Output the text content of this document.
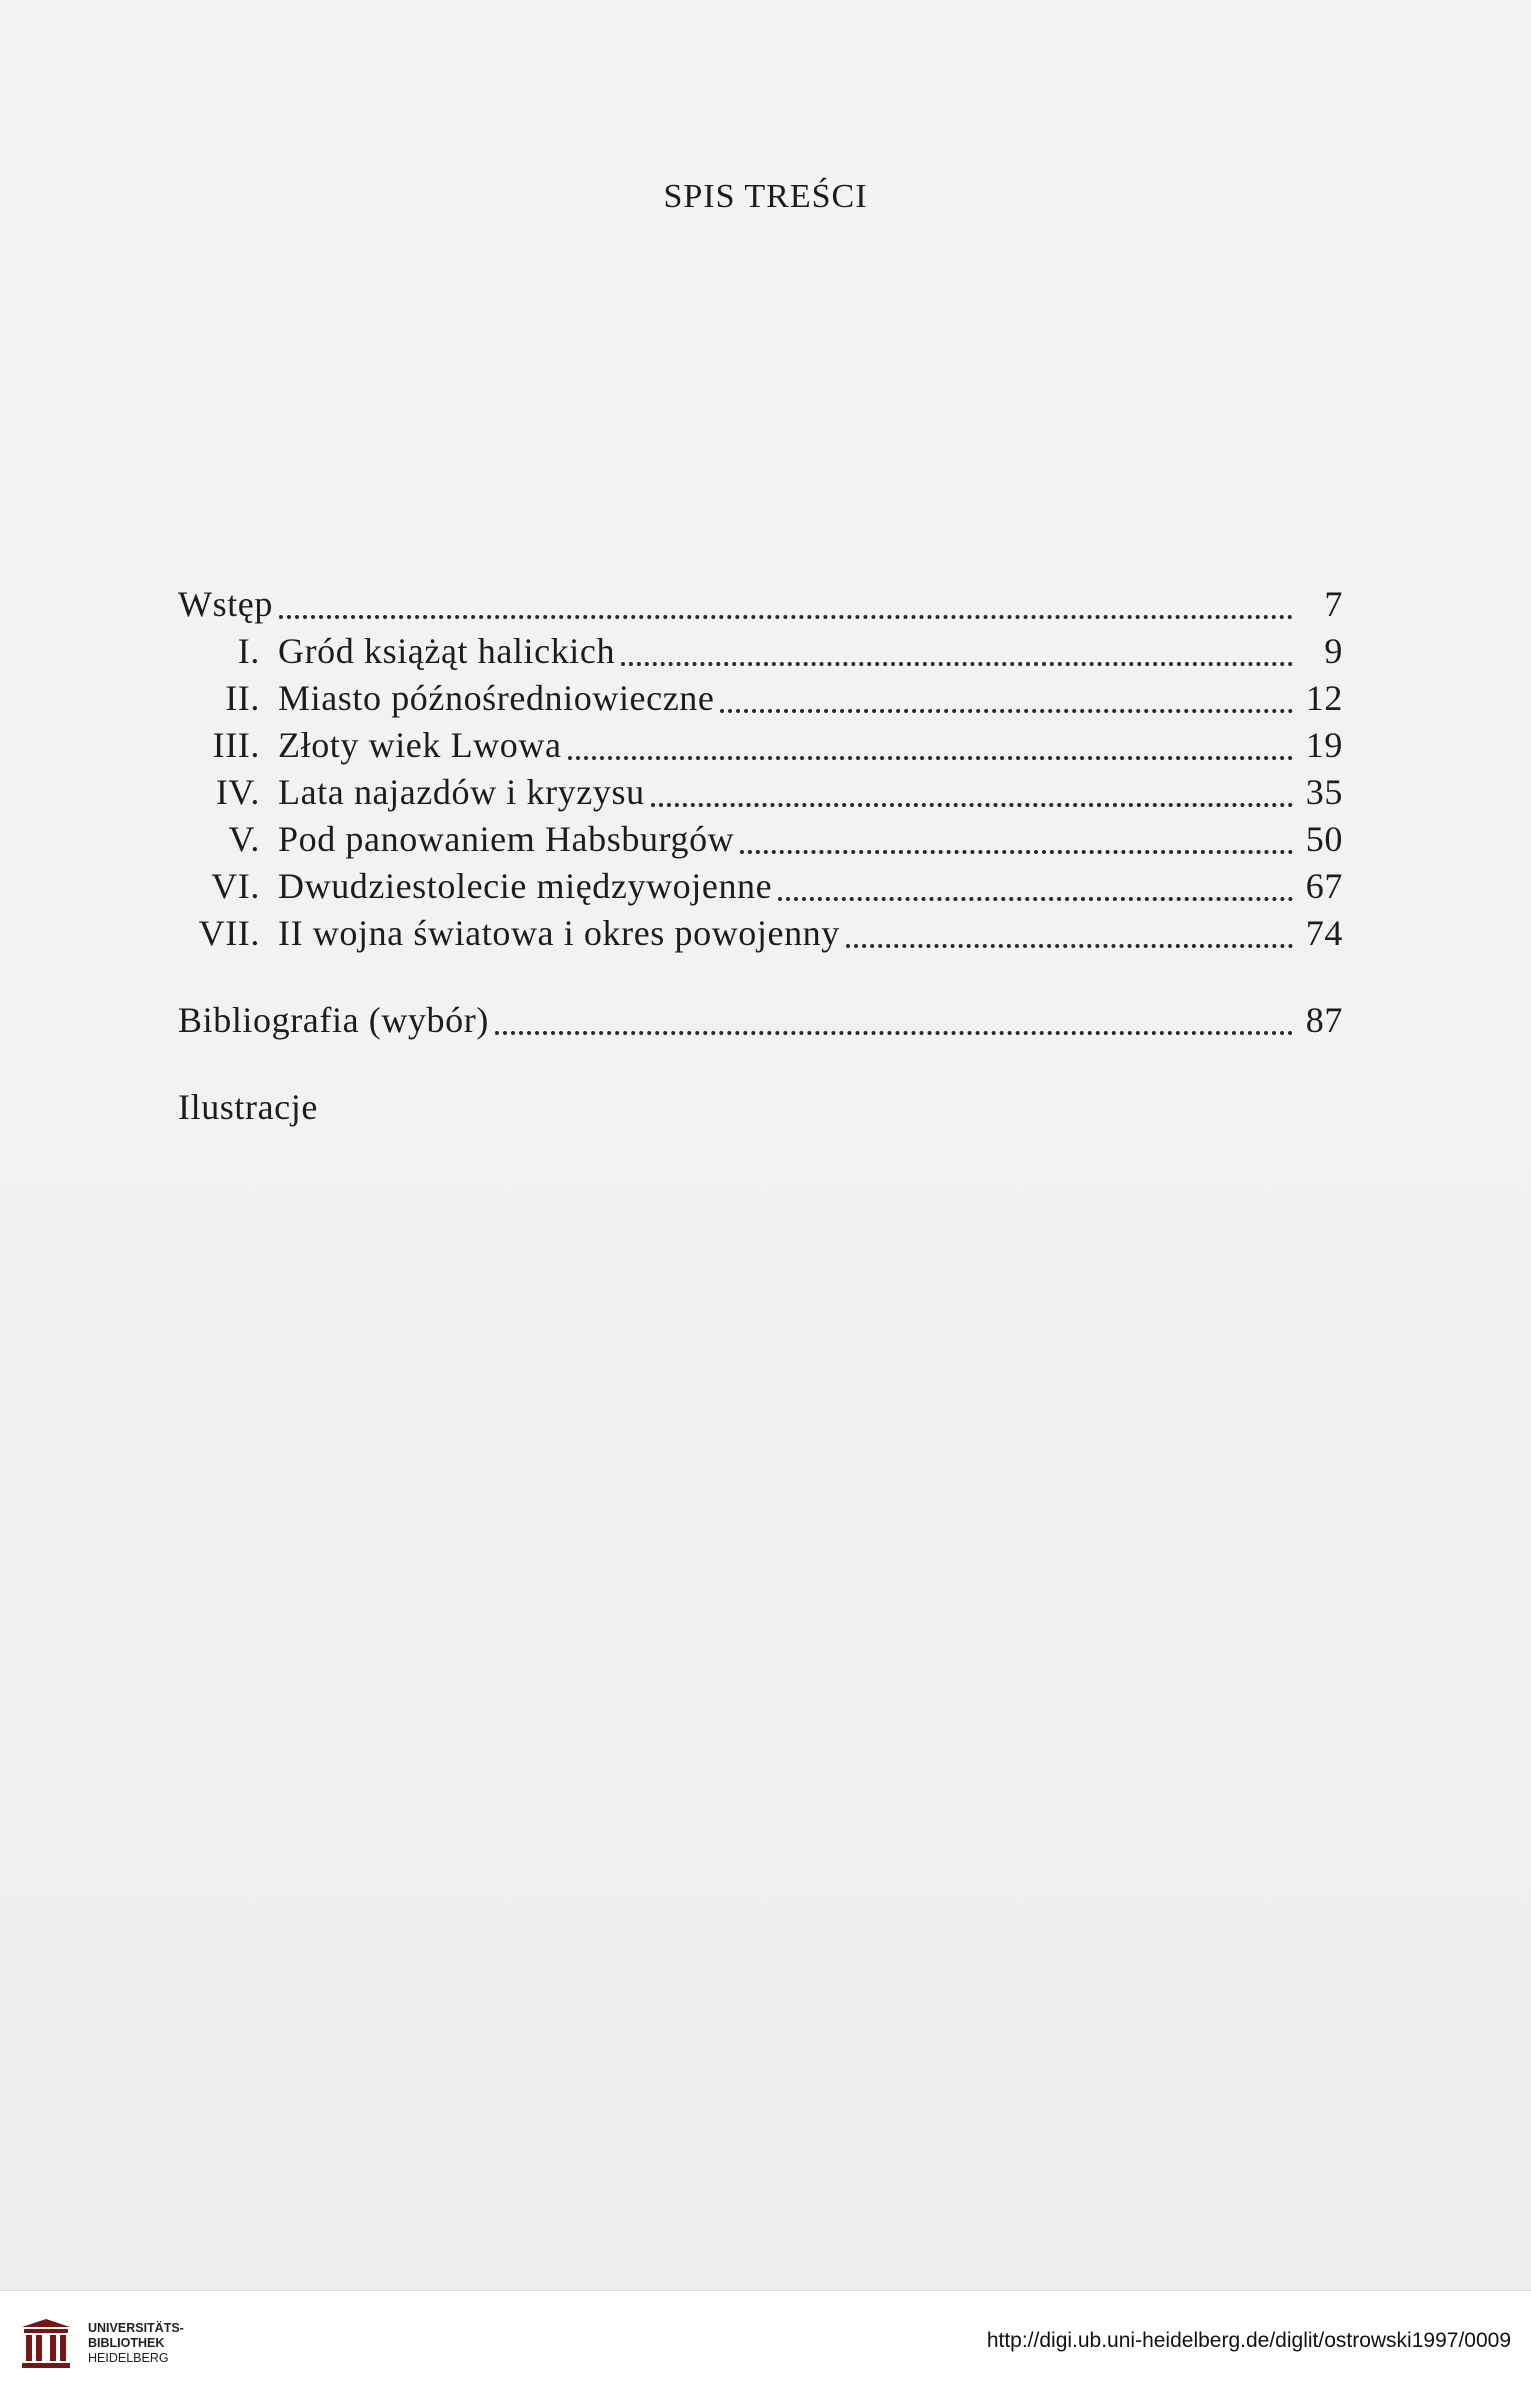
SPIS TREŚCI
Wstęp	7
I. Gród książąt halickich	9
II. Miasto późnośredniowieczne	12
III. Złoty wiek Lwowa	19
IV. Lata najazdów i kryzysu	35
V. Pod panowaniem Habsburgów	50
VI. Dwudziestolecie międzywojenne	67
VII. II wojna światowa i okres powojenny	74
Bibliografia (wybór)	87
Ilustracje
UNIVERSITÄTS-
BIBLIOTHEK
HEIDELBERG
http://digi.ub.uni-heidelberg.de/diglit/ostrowski1997/0009
